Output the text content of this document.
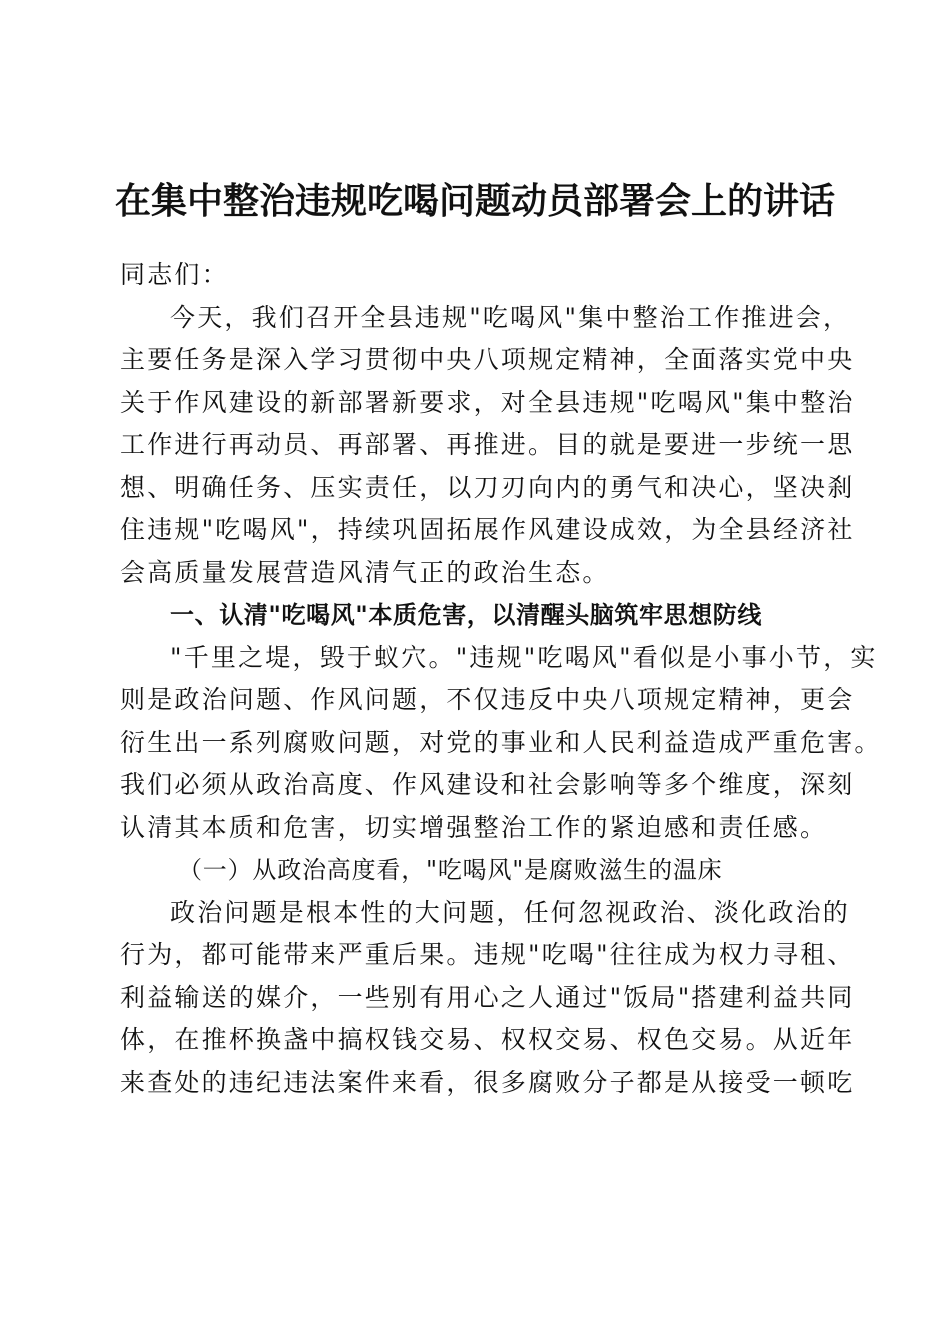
在集中整治违规吃喝问题动员部署会上的讲话

同志们：

今天，我们召开全县违规"吃喝风"集中整治工作推进会，
主要任务是深入学习贯彻中央八项规定精神，全面落实党中央
关于作风建设的新部署新要求，对全县违规"吃喝风"集中整治
工作进行再动员、再部署、再推进。目的就是要进一步统一思
想、明确任务、压实责任，以刀刃向内的勇气和决心，坚决刹
住违规"吃喝风"，持续巩固拓展作风建设成效，为全县经济社
会高质量发展营造风清气正的政治生态。

一、认清"吃喝风"本质危害，以清醒头脑筑牢思想防线

"千里之堤，毁于蚁穴。"违规"吃喝风"看似是小事小节，实
则是政治问题、作风问题，不仅违反中央八项规定精神，更会
衍生出一系列腐败问题，对党的事业和人民利益造成严重危害。
我们必须从政治高度、作风建设和社会影响等多个维度，深刻
认清其本质和危害，切实增强整治工作的紧迫感和责任感。

（一）从政治高度看，"吃喝风"是腐败滋生的温床

政治问题是根本性的大问题，任何忽视政治、淡化政治的
行为，都可能带来严重后果。违规"吃喝"往往成为权力寻租、
利益输送的媒介，一些别有用心之人通过"饭局"搭建利益共同
体，在推杯换盏中搞权钱交易、权权交易、权色交易。从近年
来查处的违纪违法案件来看，很多腐败分子都是从接受一顿吃
